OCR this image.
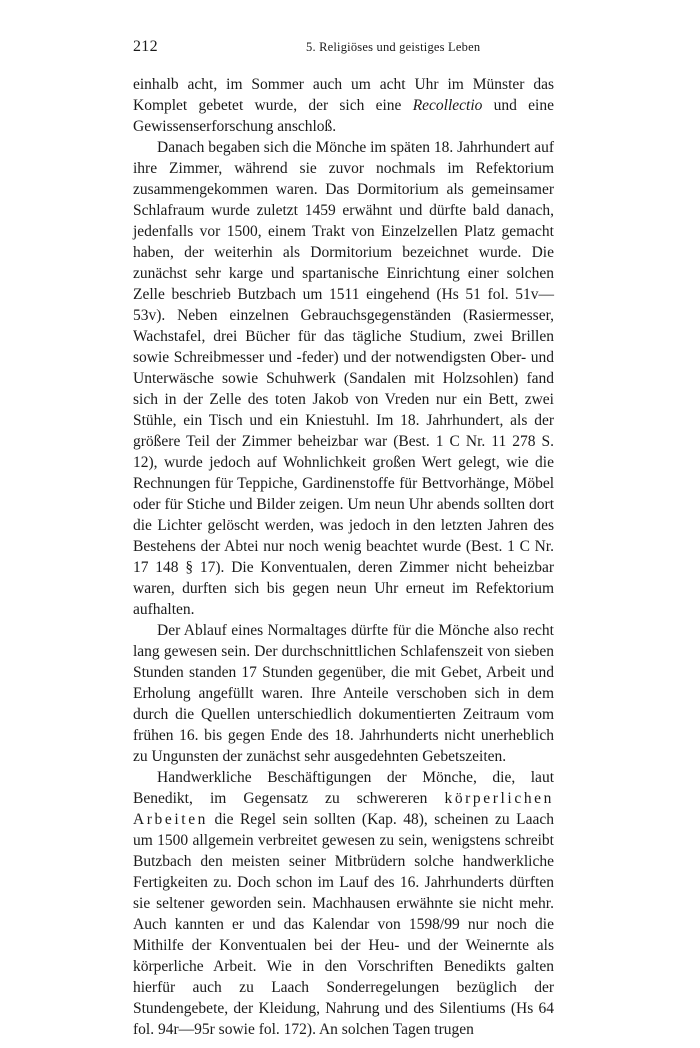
212	5. Religiöses und geistiges Leben

einhalb acht, im Sommer auch um acht Uhr im Münster das Komplet gebetet wurde, der sich eine Recollectio und eine Gewissenserforschung anschloß.

Danach begaben sich die Mönche im späten 18. Jahrhundert auf ihre Zimmer, während sie zuvor nochmals im Refektorium zusammengekommen waren. Das Dormitorium als gemeinsamer Schlafraum wurde zuletzt 1459 erwähnt und dürfte bald danach, jedenfalls vor 1500, einem Trakt von Einzelzellen Platz gemacht haben, der weiterhin als Dormitorium bezeichnet wurde. Die zunächst sehr karge und spartanische Einrichtung einer solchen Zelle beschrieb Butzbach um 1511 eingehend (Hs 51 fol. 51v—53v). Neben einzelnen Gebrauchsgegenständen (Rasiermesser, Wachstafel, drei Bücher für das tägliche Studium, zwei Brillen sowie Schreibmesser und -feder) und der notwendigsten Ober- und Unterwäsche sowie Schuhwerk (Sandalen mit Holzsohlen) fand sich in der Zelle des toten Jakob von Vreden nur ein Bett, zwei Stühle, ein Tisch und ein Kniestuhl. Im 18. Jahrhundert, als der größere Teil der Zimmer beheizbar war (Best. 1 C Nr. 11 278 S. 12), wurde jedoch auf Wohnlichkeit großen Wert gelegt, wie die Rechnungen für Teppiche, Gardinenstoffe für Bettvorhänge, Möbel oder für Stiche und Bilder zeigen. Um neun Uhr abends sollten dort die Lichter gelöscht werden, was jedoch in den letzten Jahren des Bestehens der Abtei nur noch wenig beachtet wurde (Best. 1 C Nr. 17 148 § 17). Die Konventualen, deren Zimmer nicht beheizbar waren, durften sich bis gegen neun Uhr erneut im Refektorium aufhalten.

Der Ablauf eines Normaltages dürfte für die Mönche also recht lang gewesen sein. Der durchschnittlichen Schlafenszeit von sieben Stunden standen 17 Stunden gegenüber, die mit Gebet, Arbeit und Erholung angefüllt waren. Ihre Anteile verschoben sich in dem durch die Quellen unterschiedlich dokumentierten Zeitraum vom frühen 16. bis gegen Ende des 18. Jahrhunderts nicht unerheblich zu Ungunsten der zunächst sehr ausgedehnten Gebetszeiten.

Handwerkliche Beschäftigungen der Mönche, die, laut Benedikt, im Gegensatz zu schwereren körperlichen Arbeiten die Regel sein sollten (Kap. 48), scheinen zu Laach um 1500 allgemein verbreitet gewesen zu sein, wenigstens schreibt Butzbach den meisten seiner Mitbrüdern solche handwerkliche Fertigkeiten zu. Doch schon im Lauf des 16. Jahrhunderts dürften sie seltener geworden sein. Machhausen erwähnte sie nicht mehr. Auch kannten er und das Kalendar von 1598/99 nur noch die Mithilfe der Konventualen bei der Heu- und der Weinernte als körperliche Arbeit. Wie in den Vorschriften Benedikts galten hierfür auch zu Laach Sonderregelungen bezüglich der Stundengebete, der Kleidung, Nahrung und des Silentiums (Hs 64 fol. 94r—95r sowie fol. 172). An solchen Tagen trugen
